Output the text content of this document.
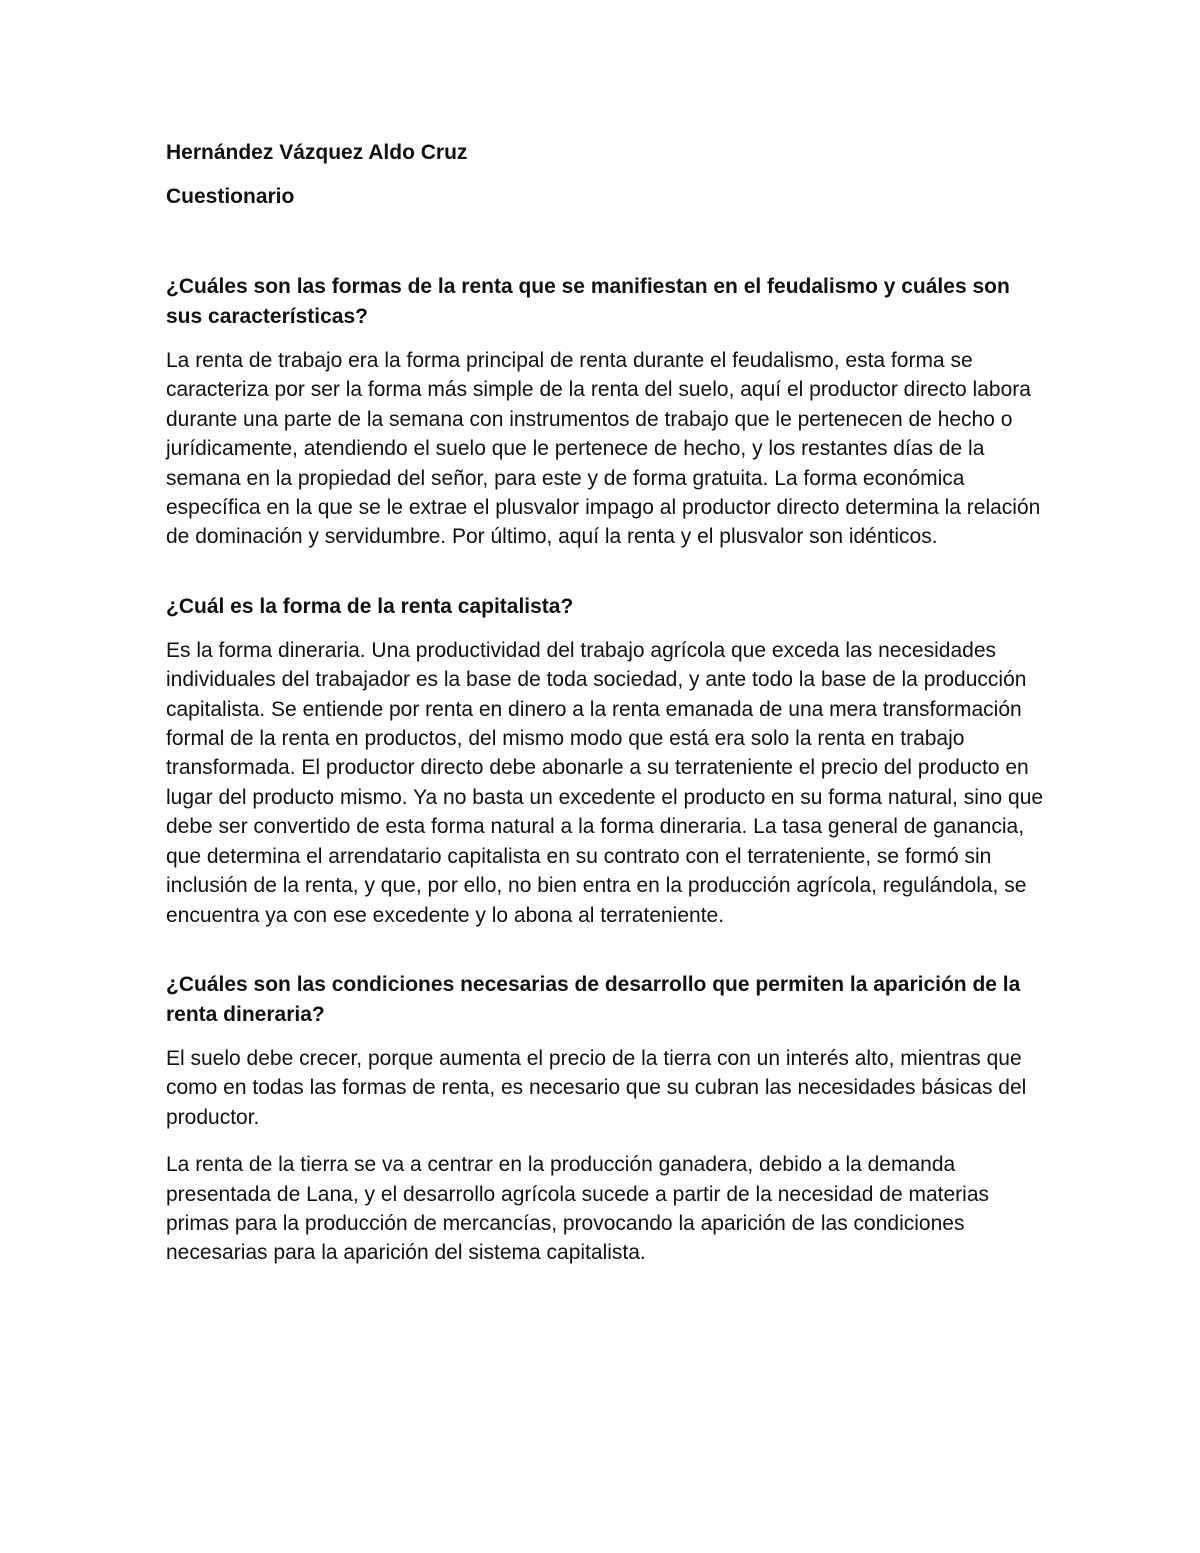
Hernández Vázquez Aldo Cruz
Cuestionario
¿Cuáles son las formas de la renta que se manifiestan en el feudalismo y cuáles son sus características?
La renta de trabajo era la forma principal de renta durante el feudalismo, esta forma se caracteriza por ser la forma más simple de la renta del suelo, aquí el productor directo labora durante una parte de la semana con instrumentos de trabajo que le pertenecen de hecho o jurídicamente, atendiendo el suelo que le pertenece de hecho, y los restantes días de la semana en la propiedad del señor, para este y de forma gratuita. La forma económica específica en la que se le extrae el plusvalor impago al productor directo determina la relación de dominación y servidumbre. Por último, aquí la renta y el plusvalor son idénticos.
¿Cuál es la forma de la renta capitalista?
Es la forma dineraria. Una productividad del trabajo agrícola que exceda las necesidades individuales del trabajador es la base de toda sociedad, y ante todo la base de la producción capitalista. Se entiende por renta en dinero a la renta emanada de una mera transformación formal de la renta en productos, del mismo modo que está era solo la renta en trabajo transformada. El productor directo debe abonarle a su terrateniente el precio del producto en lugar del producto mismo. Ya no basta un excedente el producto en su forma natural, sino que debe ser convertido de esta forma natural a la forma dineraria. La tasa general de ganancia, que determina el arrendatario capitalista en su contrato con el terrateniente, se formó sin inclusión de la renta, y que, por ello, no bien entra en la producción agrícola, regulándola, se encuentra ya con ese excedente y lo abona al terrateniente.
¿Cuáles son las condiciones necesarias de desarrollo que permiten la aparición de la renta dineraria?
El suelo debe crecer, porque aumenta el precio de la tierra con un interés alto, mientras que como en todas las formas de renta, es necesario que su cubran las necesidades básicas del productor.
La renta de la tierra se va a centrar en la producción ganadera, debido a la demanda presentada de Lana, y el desarrollo agrícola sucede a partir de la necesidad de materias primas para la producción de mercancías, provocando la aparición de las condiciones necesarias para la aparición del sistema capitalista.
